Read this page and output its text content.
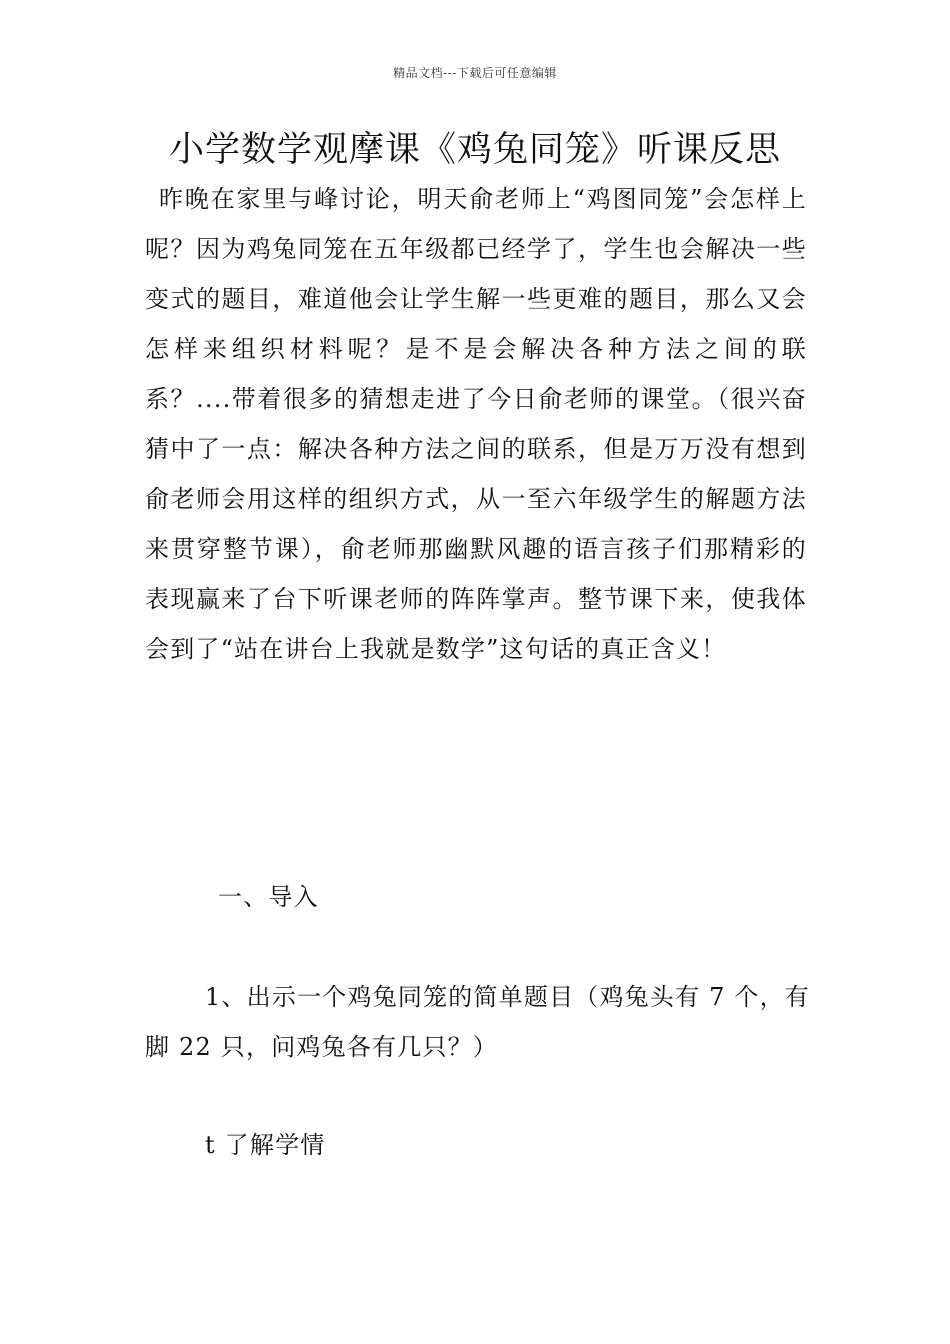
精品文档---下载后可任意编辑
小学数学观摩课《鸡兔同笼》听课反思

昨晚在家里与峰讨论，明天俞老师上“鸡图同笼”会怎样上呢？因为鸡兔同笼在五年级都已经学了，学生也会解决一些变式的题目，难道他会让学生解一些更难的题目，那么又会怎样来组织材料呢？是不是会解决各种方法之间的联系？....带着很多的猜想走进了今日俞老师的课堂。（很兴奋猜中了一点：解决各种方法之间的联系，但是万万没有想到俞老师会用这样的组织方式，从一至六年级学生的解题方法来贯穿整节课），俞老师那幽默风趣的语言孩子们那精彩的表现赢来了台下听课老师的阵阵掌声。整节课下来，使我体会到了“站在讲台上我就是数学”这句话的真正含义！

一、导入

1、出示一个鸡兔同笼的简单题目（鸡兔头有 7 个，有

脚 22 只，问鸡兔各有几只？）

t 了解学情
